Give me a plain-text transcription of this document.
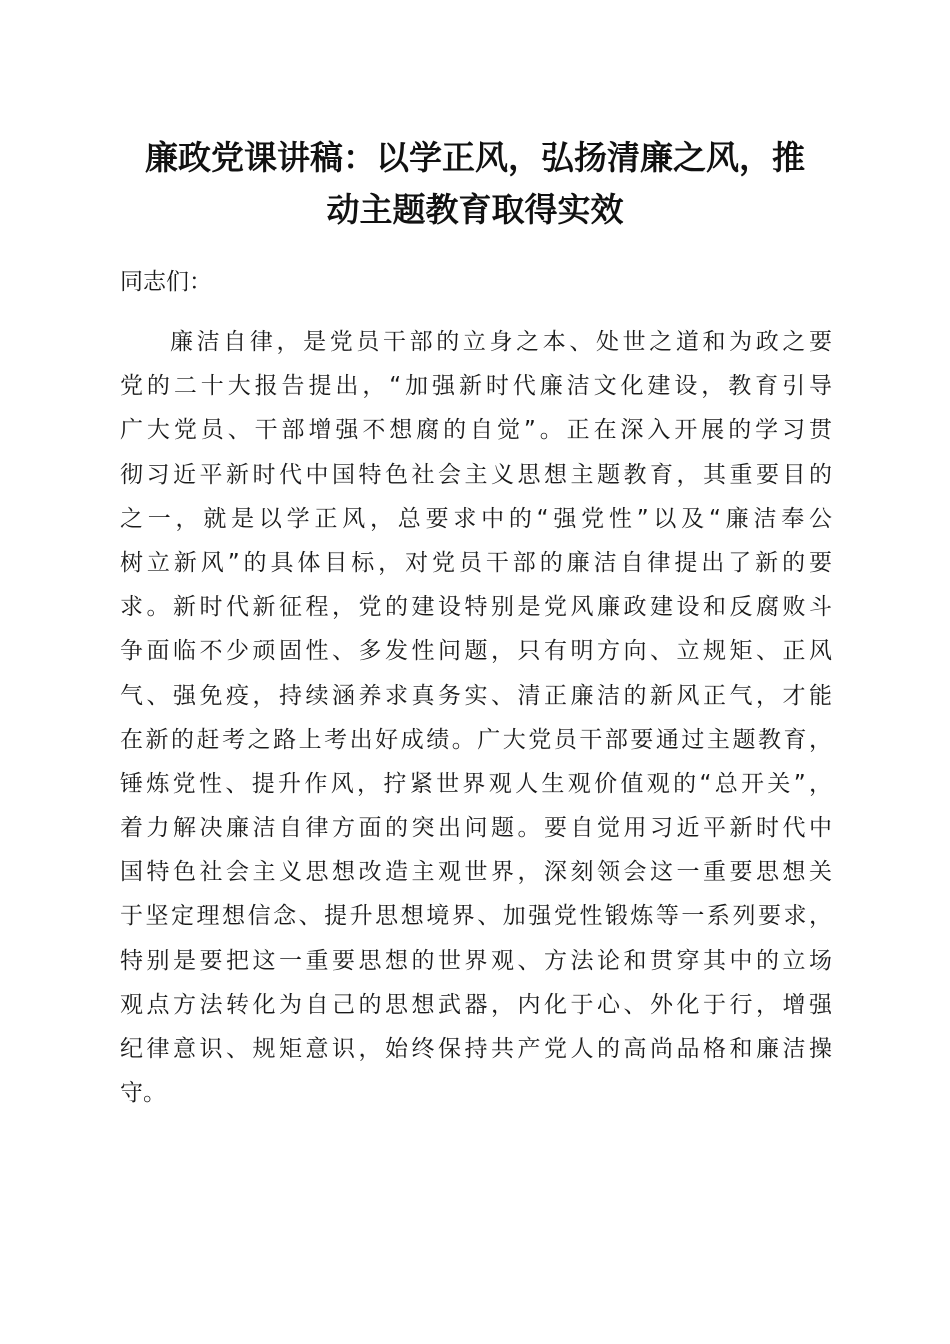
廉政党课讲稿：以学正风，弘扬清廉之风，推
动主题教育取得实效

同志们：

廉洁自律，是党员干部的立身之本、处世之道和为政之要
党的二十大报告提出，“加强新时代廉洁文化建设，教育引导
广大党员、干部增强不想腐的自觉”。正在深入开展的学习贯
彻习近平新时代中国特色社会主义思想主题教育，其重要目的
之一，就是以学正风，总要求中的“强党性”以及“廉洁奉公
树立新风”的具体目标，对党员干部的廉洁自律提出了新的要
求。新时代新征程，党的建设特别是党风廉政建设和反腐败斗
争面临不少顽固性、多发性问题，只有明方向、立规矩、正风
气、强免疫，持续涵养求真务实、清正廉洁的新风正气，才能
在新的赶考之路上考出好成绩。广大党员干部要通过主题教育，
锤炼党性、提升作风，拧紧世界观人生观价值观的“总开关”，
着力解决廉洁自律方面的突出问题。要自觉用习近平新时代中
国特色社会主义思想改造主观世界，深刻领会这一重要思想关
于坚定理想信念、提升思想境界、加强党性锻炼等一系列要求，
特别是要把这一重要思想的世界观、方法论和贯穿其中的立场
观点方法转化为自己的思想武器，内化于心、外化于行，增强
纪律意识、规矩意识，始终保持共产党人的高尚品格和廉洁操
守。
